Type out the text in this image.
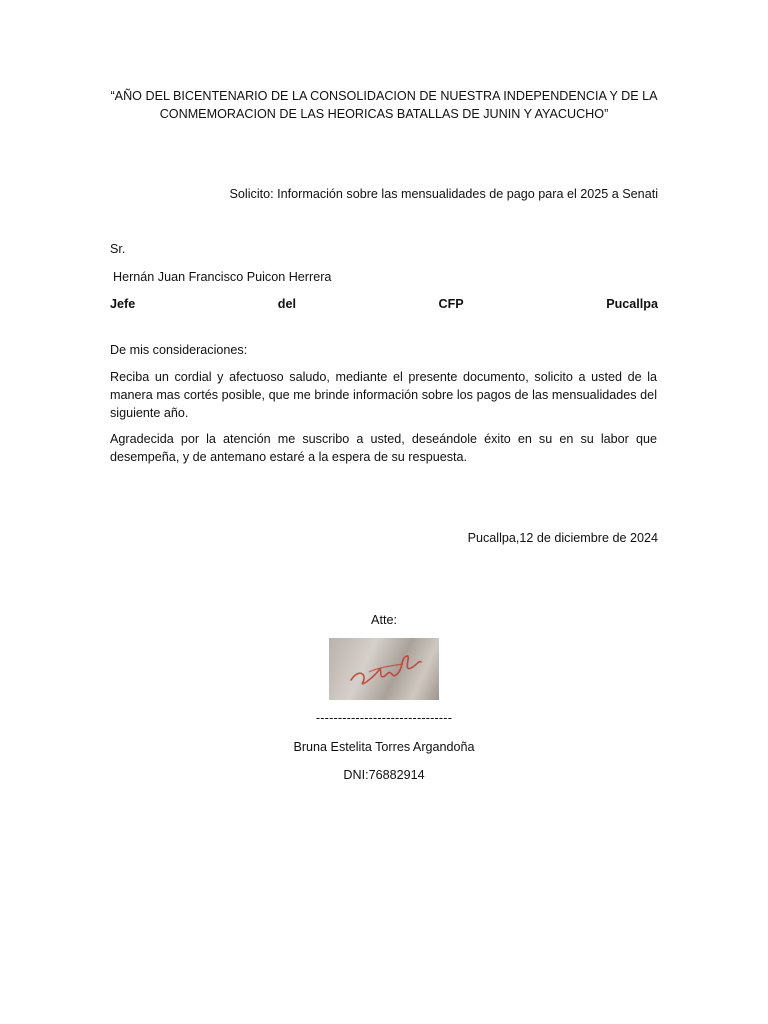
“AÑO DEL BICENTENARIO DE LA CONSOLIDACION DE NUESTRA INDEPENDENCIA Y DE LA
CONMEMORACION DE LAS HEORICAS BATALLAS DE JUNIN Y AYACUCHO”
Solicito: Información sobre las mensualidades de pago para el 2025 a Senati
Sr.
Hernán Juan Francisco Puicon Herrera
Jefe	del	CFP	Pucallpa
De mis consideraciones:
Reciba un cordial y afectuoso saludo, mediante el presente documento, solicito a usted de la manera mas cortés posible, que me brinde información sobre los pagos de las mensualidades del siguiente año.
Agradecida por la atención me suscribo a usted, deseándole éxito en su en su labor que desempeña, y de antemano estaré a la espera de su respuesta.
Pucallpa,12 de diciembre de 2024
Atte:
-------------------------------
Bruna Estelita Torres Argandoña
DNI:76882914
